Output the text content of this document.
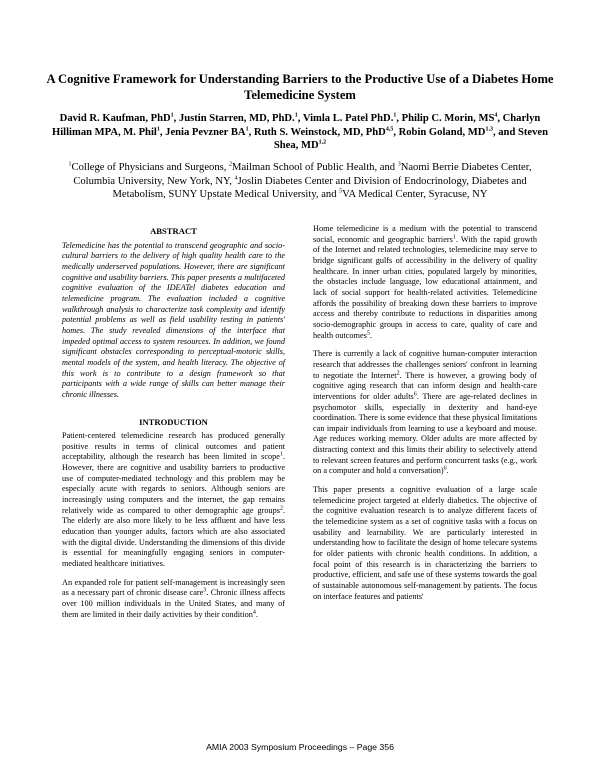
A Cognitive Framework for Understanding Barriers to the Productive Use of a Diabetes Home Telemedicine System
David R. Kaufman, PhD$^1$, Justin Starren, MD, PhD.$^1$, Vimla L. Patel PhD.$^1$, Philip C. Morin, $MS^4$, Charlyn Hilliman MPA, M. Phil$^1$, Jenia Pevzner $BA^1$, Ruth S. Weinstock, MD, PhD$^{4,5}$, Robin Goland, MD$^{1,3}$, and Steven Shea, MD$^{1,2}$
$^1$College of Physicians and Surgeons, $^2$Mailman School of Public Health, and $^3$Naomi Berrie Diabetes Center, Columbia University, New York, NY, $^4$Joslin Diabetes Center and Division of Endocrinology, Diabetes and Metabolism, SUNY Upstate Medical University, and $^5$VA Medical Center, Syracuse, NY
ABSTRACT

Telemedicine has the potential to transcend geographic and socio-cultural barriers to the delivery of high quality health care to the medically underserved populations. However, there are significant cognitive and usability barriers. This paper presents a multifaceted cognitive evaluation of the IDEATel diabetes education and telemedicine program. The evaluation included a cognitive walkthrough analysis to characterize task complexity and identify potential problems as well as field usability testing in patients' homes. The study revealed dimensions of the interface that impeded optimal access to system resources. In addition, we found significant obstacles corresponding to perceptual-motoric skills, mental models of the system, and health literacy. The objective of this work is to contribute to a design framework so that participants with a wide range of skills can better manage their chronic illnesses.

INTRODUCTION

Patient-centered telemedicine research has produced generally positive results in terms of clinical outcomes and patient acceptability, although the research has been limited in scope$^1$. However, there are cognitive and usability barriers to productive use of computer-mediated technology and this problem may be especially acute with regards to seniors. Although seniors are increasingly using computers and the internet, the gap remains relatively wide as compared to other demographic age groups$^2$. The elderly are also more likely to be less affluent and have less education than younger adults, factors which are also associated with the digital divide. Understanding the dimensions of this divide is essential for meaningfully engaging seniors in computer-mediated healthcare initiatives.

An expanded role for patient self-management is increasingly seen as a necessary part of chronic disease care$^3$. Chronic illness affects over 100 million individuals in the United States, and many of them are limited in their daily activities by their condition$^4$.

Home telemedicine is a medium with the potential to transcend social, economic and geographic barriers$^1$. With the rapid growth of the Internet and related technologies, telemedicine may serve to bridge significant gulfs of accessibility in the delivery of quality healthcare. In inner urban cities, populated largely by minorities, the obstacles include language, low educational attainment, and lack of social support for health-related activities. Telemedicine affords the possibility of breaking down these barriers to improve access and thereby contribute to reductions in disparities among socio-demographic groups in access to care, quality of care and health outcomes$^5$.

There is currently a lack of cognitive human-computer interaction research that addresses the challenges seniors' confront in learning to negotiate the Internet$^2$. There is however, a growing body of cognitive aging research that can inform design and health-care interventions for older adults$^6$. There are age-related declines in psychomotor skills, especially in dexterity and hand-eye coordination. There is some evidence that these physical limitations can impair individuals from learning to use a keyboard and mouse. Age reduces working memory. Older adults are more affected by distracting context and this limits their ability to selectively attend to relevant screen features and perform concurrent tasks (e.g., work on a computer and hold a conversation)$^6$.

This paper presents a cognitive evaluation of a large scale telemedicine project targeted at elderly diabetics. The objective of the cognitive evaluation research is to analyze different facets of the telemedicine system as a set of cognitive tasks with a focus on usability and learnability. We are particularly interested in understanding how to facilitate the design of home telecare systems for older patients with chronic health conditions. In addition, a focal point of this research is in characterizing the barriers to productive, efficient, and safe use of these systems towards the goal of sustainable autonomous self-management by patients. The focus on interface features and patients'

AMIA 2003 Symposium Proceedings – Page 356
